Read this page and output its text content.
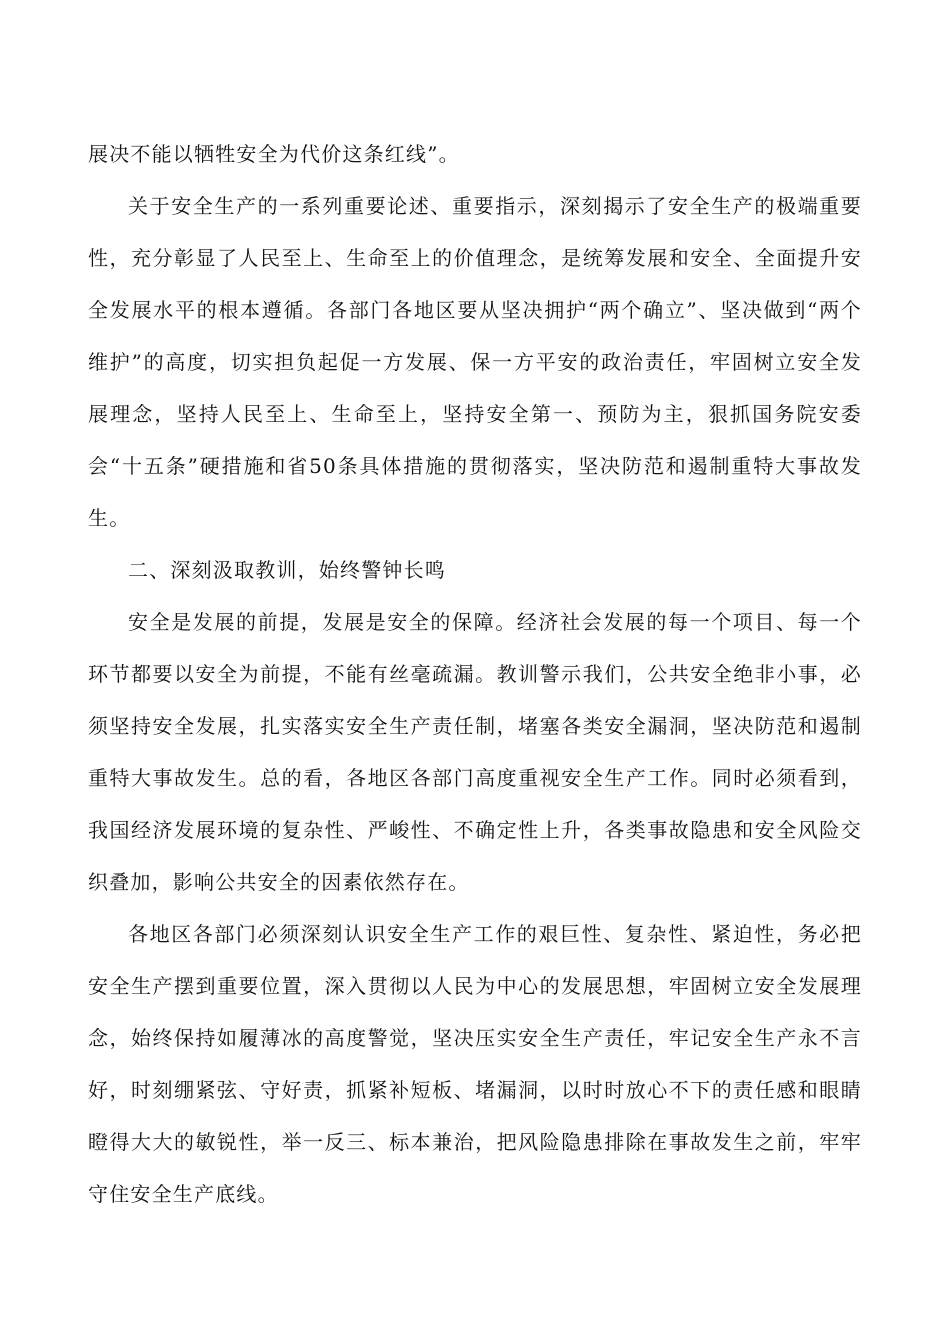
展决不能以牺牲安全为代价这条红线”。

关于安全生产的一系列重要论述、重要指示，深刻揭示了安全生产的极端重要性，充分彰显了人民至上、生命至上的价值理念，是统筹发展和安全、全面提升安全发展水平的根本遵循。各部门各地区要从坚决拥护“两个确立”、坚决做到“两个维护”的高度，切实担负起促一方发展、保一方平安的政治责任，牢固树立安全发展理念，坚持人民至上、生命至上，坚持安全第一、预防为主，狠抓国务院安委会“十五条”硬措施和省50条具体措施的贯彻落实，坚决防范和遏制重特大事故发生。

二、深刻汲取教训，始终警钟长鸣

安全是发展的前提，发展是安全的保障。经济社会发展的每一个项目、每一个环节都要以安全为前提，不能有丝毫疏漏。教训警示我们，公共安全绝非小事，必须坚持安全发展，扎实落实安全生产责任制，堵塞各类安全漏洞，坚决防范和遏制重特大事故发生。总的看，各地区各部门高度重视安全生产工作。同时必须看到，我国经济发展环境的复杂性、严峻性、不确定性上升，各类事故隐患和安全风险交织叠加，影响公共安全的因素依然存在。

各地区各部门必须深刻认识安全生产工作的艰巨性、复杂性、紧迫性，务必把安全生产摆到重要位置，深入贯彻以人民为中心的发展思想，牢固树立安全发展理念，始终保持如履薄冰的高度警觉，坚决压实安全生产责任，牢记安全生产永不言好，时刻绷紧弦、守好责，抓紧补短板、堵漏洞，以时时放心不下的责任感和眼睛瞪得大大的敏锐性，举一反三、标本兼治，把风险隐患排除在事故发生之前，牢牢守住安全生产底线。
